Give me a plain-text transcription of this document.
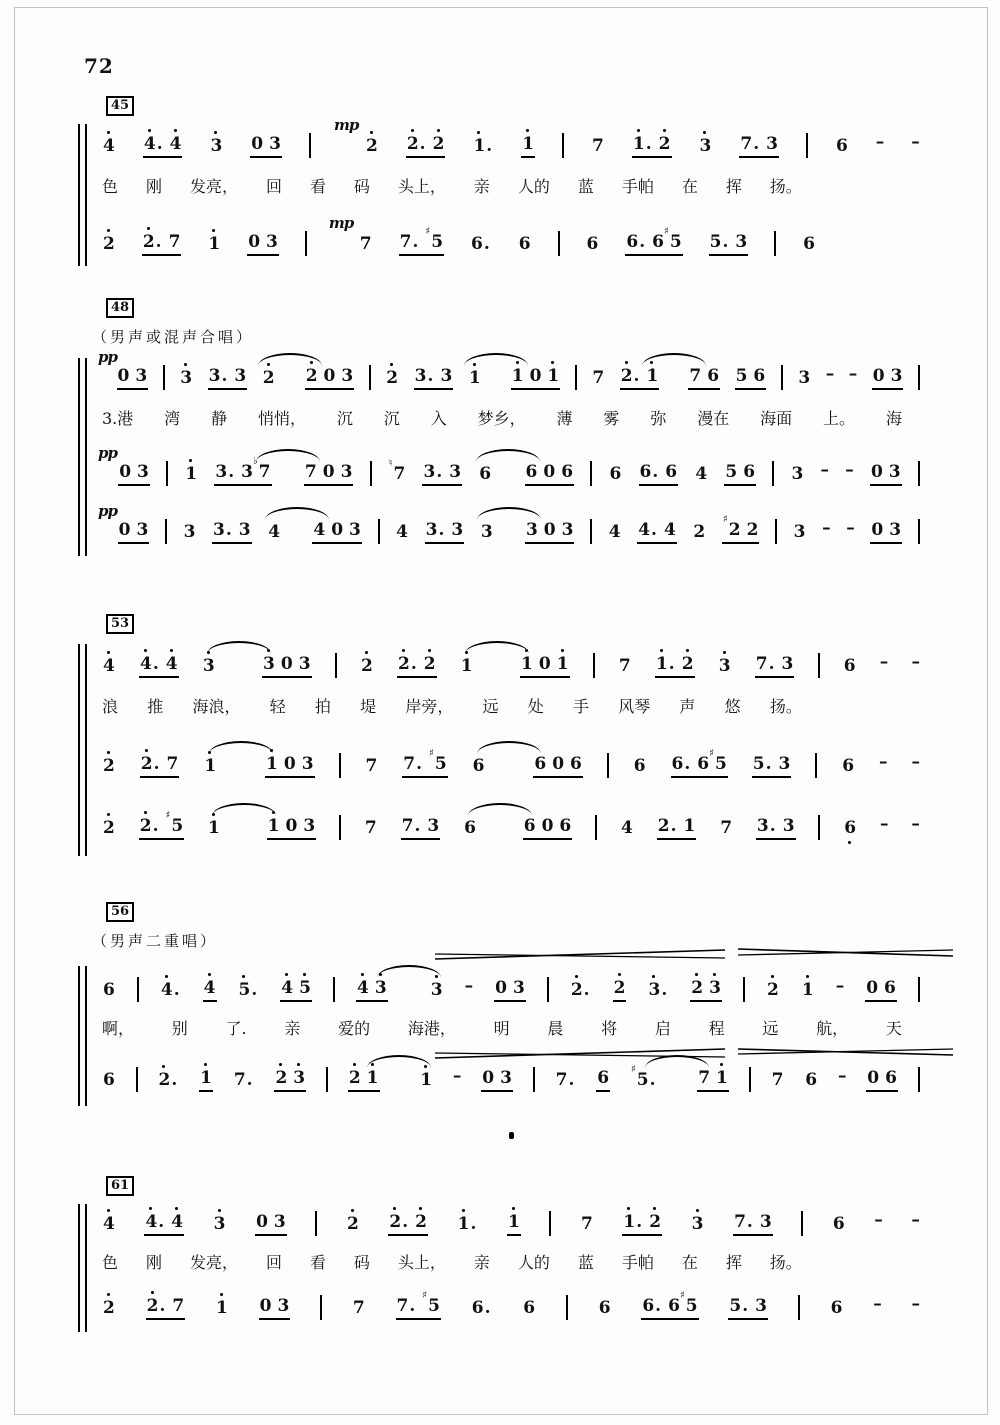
72
45
4 4 . 4 3 0 3
mp
2 2 . 2 1 . 1	7 1 . 2 3 7 . 3	6 – –
色 刚 发亮， 回 看 码 头上， 亲 人的 蓝 手帕 在 挥 扬。
2 2 . 7 1 0 3
mp
7 7 .
♯5 6 . 6	6 6 . 6
♯5 5 . 3	6
48
（男声或混声合唱）
pp
0 3 3 3 . 3 2 2 0 3 2 3 . 3 1 1 0 1 7 2 . 1 7 6 5 6 3 – – 0 3
3.港 湾 静 悄悄， 沉 沉 入 梦乡， 薄 雾 弥 漫在 海面 上。 海
pp
0 3 1 3 . 3
♭7 7 0 3	♮7 3 . 3 6 6 0 6 6 6 . 6 4 5 6 3 – – 0 3
pp
0 3 3 3 . 3 4 4 0 3 4 3 . 3 3 3 0 3 4 4 . 4 2
♯2 2 3 – – 0 3
53
4 4 . 4 3	3 0 3	2 2 . 2 1	1 0 1	7 1 . 2 3 7 . 3	6 – –
浪 推 海浪， 轻 拍 堤 岸旁， 远 处 手 风琴 声 悠 扬。
2 2 . 7 1	1 0 3	7 7 .
♯5 6	6 0 6	6 6 . 6
♯5 5 . 3	6 – –
2 2 .
♯5 1	1 0 3	7 7 . 3 6	6 0 6	4 2 . 1 7 3 . 3	6 – –
56
（男声二重唱）
6	4 . 4 5 . 4 5	4 3	3 – 0 3	2 . 2 3 . 2 3	2 1 – 0 6
啊， 别 了. 亲 爱的 海港， 明 晨 将 启 程 远 航， 天
6	2 . 1 7 . 2 3	2 1 1 – 0 3	7 . 6 ♯5 .	7 1	7 6 – 0 6
61
4 4 . 4 3 0 3	2 2 . 2 1 . 1	7 1 . 2 3 7 . 3	6 – –
色 刚 发亮， 回 看 码 头上， 亲 人的 蓝 手帕 在 挥 扬。
2 2 . 7 1 0 3	7 7 .
♯5 6 . 6	6 6 . 6
♯5 5 . 3	6 – –
